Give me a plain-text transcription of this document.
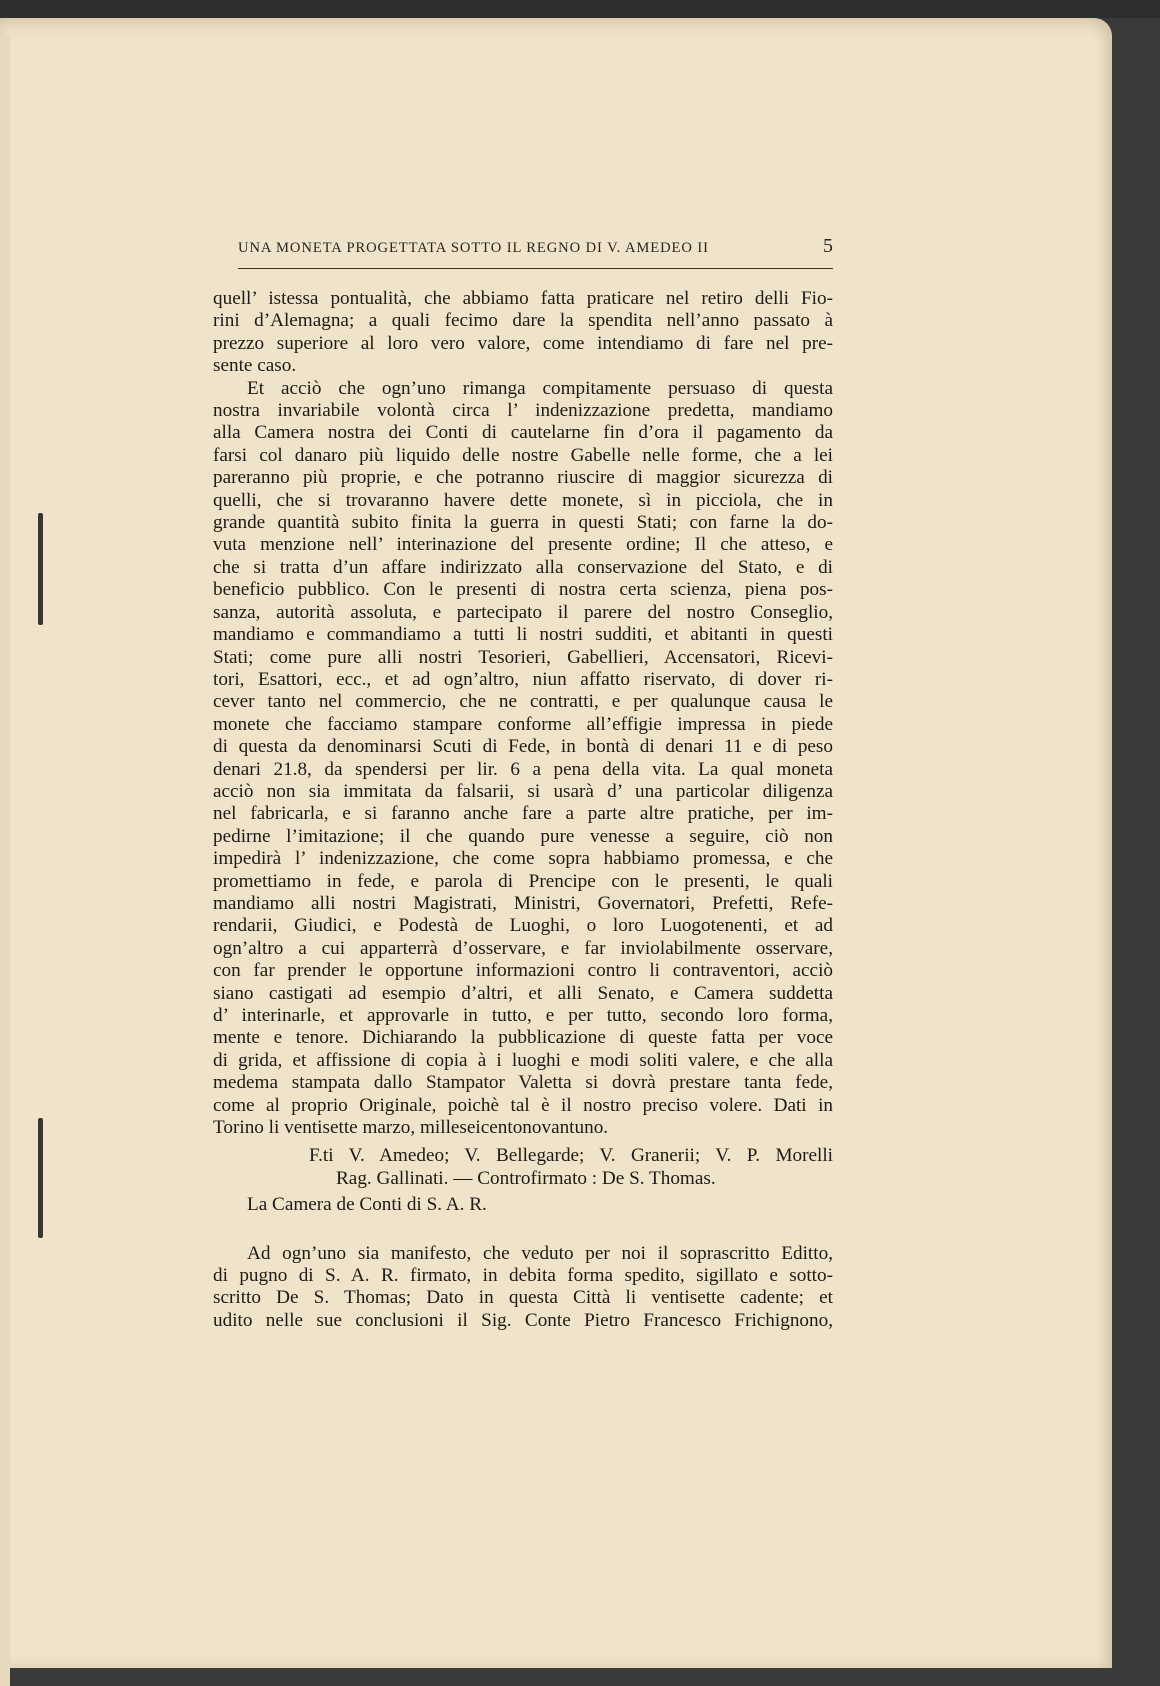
UNA MONETA PROGETTATA SOTTO IL REGNO DI V. AMEDEO II	5
quell’ istessa pontualità, che abbiamo fatta praticare nel retiro delli Fio-
rini d’Alemagna; a quali fecimo dare la spendita nell’anno passato à
prezzo superiore al loro vero valore, come intendiamo di fare nel pre-
sente caso.
Et acciò che ogn’uno rimanga compitamente persuaso di questa
nostra invariabile volontà circa l’ indenizzazione predetta, mandiamo
alla Camera nostra dei Conti di cautelarne fin d’ora il pagamento da
farsi col danaro più liquido delle nostre Gabelle nelle forme, che a lei
pareranno più proprie, e che potranno riuscire di maggior sicurezza di
quelli, che si trovaranno havere dette monete, sì in picciola, che in
grande quantità subito finita la guerra in questi Stati; con farne la do-
vuta menzione nell’ interinazione del presente ordine; Il che atteso, e
che si tratta d’un affare indirizzato alla conservazione del Stato, e di
beneficio pubblico. Con le presenti di nostra certa scienza, piena pos-
sanza, autorità assoluta, e partecipato il parere del nostro Conseglio,
mandiamo e commandiamo a tutti li nostri sudditi, et abitanti in questi
Stati; come pure alli nostri Tesorieri, Gabellieri, Accensatori, Ricevi-
tori, Esattori, ecc., et ad ogn’altro, niun affatto riservato, di dover ri-
cever tanto nel commercio, che ne contratti, e per qualunque causa le
monete che facciamo stampare conforme all’effigie impressa in piede
di questa da denominarsi Scuti di Fede, in bontà di denari 11 e di peso
denari 21.8, da spendersi per lir. 6 a pena della vita. La qual moneta
acciò non sia immitata da falsarii, si usarà d’ una particolar diligenza
nel fabricarla, e si faranno anche fare a parte altre pratiche, per im-
pedirne l’imitazione; il che quando pure venesse a seguire, ciò non
impedirà l’ indenizzazione, che come sopra habbiamo promessa, e che
promettiamo in fede, e parola di Prencipe con le presenti, le quali
mandiamo alli nostri Magistrati, Ministri, Governatori, Prefetti, Refe-
rendarii, Giudici, e Podestà de Luoghi, o loro Luogotenenti, et ad
ogn’altro a cui apparterrà d’osservare, e far inviolabilmente osservare,
con far prender le opportune informazioni contro li contraventori, acciò
siano castigati ad esempio d’altri, et alli Senato, e Camera suddetta
d’ interinarle, et approvarle in tutto, e per tutto, secondo loro forma,
mente e tenore. Dichiarando la pubblicazione di queste fatta per voce
di grida, et affissione di copia à i luoghi e modi soliti valere, e che alla
medema stampata dallo Stampator Valetta si dovrà prestare tanta fede,
come al proprio Originale, poichè tal è il nostro preciso volere. Dati in
Torino li ventisette marzo, milleseicentonovantuno.
F.ti V. Amedeo; V. Bellegarde; V. Granerii; V. P. Morelli
Rag. Gallinati. — Controfirmato : De S. Thomas.
La Camera de Conti di S. A. R.
Ad ogn’uno sia manifesto, che veduto per noi il soprascritto Editto,
di pugno di S. A. R. firmato, in debita forma spedito, sigillato e sotto-
scritto De S. Thomas; Dato in questa Città li ventisette cadente; et
udito nelle sue conclusioni il Sig. Conte Pietro Francesco Frichignono,
